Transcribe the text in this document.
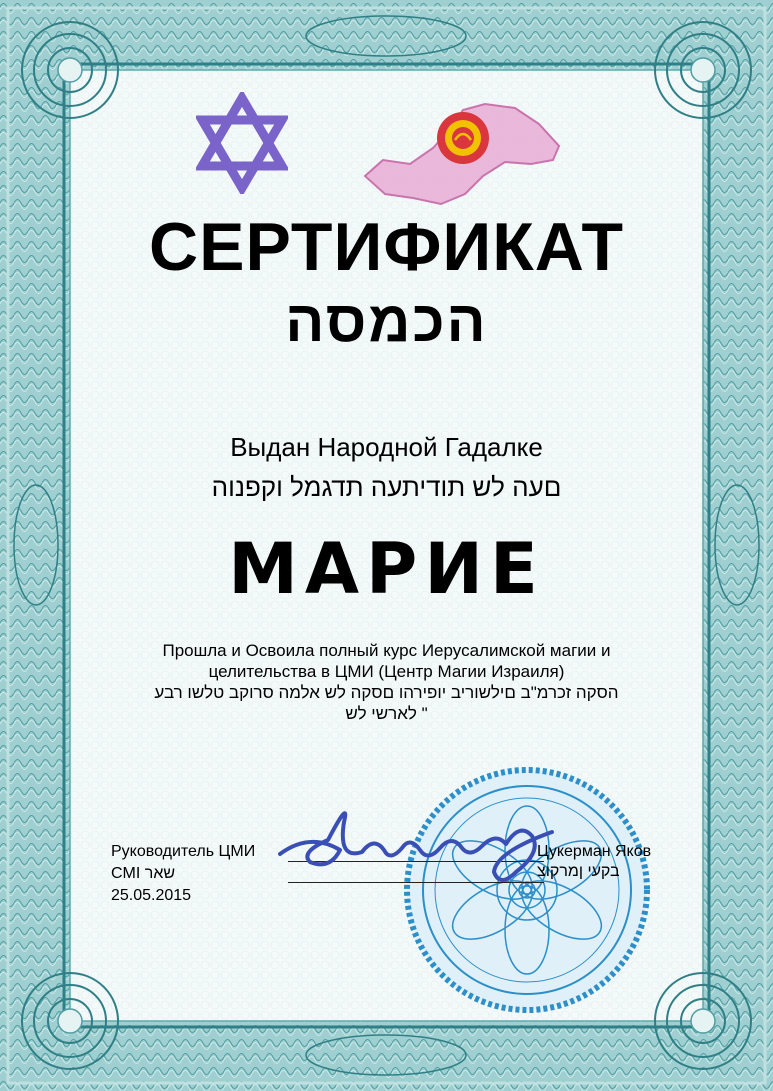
СЕРТИФИКАТ
הכמסה
Выдан Народной Гадалке
םעה לש תודיתעה תדגמל וקפנוה
МАРИЕ
Прошла и Освоила полный курс Иерусалимской магии и
целительства в ЦМИ (Центр Магии Израиля)
הסקה זכרמ"ב םילשוריב יופירהו םסקה לש אלמה סרוקב טלשו רבע
" לארשי לש
Руководитель ЦМИ
שאר CMI
25.05.2015
Цукерман Яков
בקעי ןמרקוצ
